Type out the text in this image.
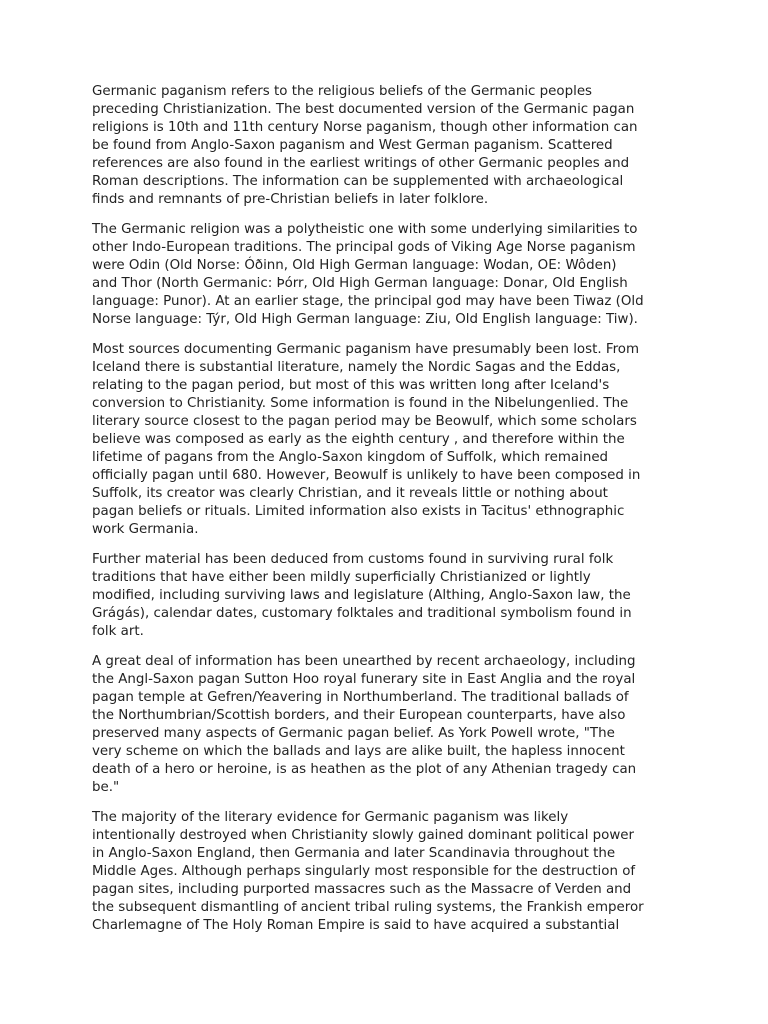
Germanic paganism refers to the religious beliefs of the Germanic peoples
preceding Christianization. The best documented version of the Germanic pagan
religions is 10th and 11th century Norse paganism, though other information can
be found from Anglo-Saxon paganism and West German paganism. Scattered
references are also found in the earliest writings of other Germanic peoples and
Roman descriptions. The information can be supplemented with archaeological
finds and remnants of pre-Christian beliefs in later folklore.

The Germanic religion was a polytheistic one with some underlying similarities to
other Indo-European traditions. The principal gods of Viking Age Norse paganism
were Odin (Old Norse: Óðinn, Old High German language: Wodan, OE: Wôden)
and Thor (North Germanic: Þórr, Old High German language: Donar, Old English
language: Punor). At an earlier stage, the principal god may have been Tiwaz (Old
Norse language: Týr, Old High German language: Ziu, Old English language: Tiw).

Most sources documenting Germanic paganism have presumably been lost. From
Iceland there is substantial literature, namely the Nordic Sagas and the Eddas,
relating to the pagan period, but most of this was written long after Iceland's
conversion to Christianity. Some information is found in the Nibelungenlied. The
literary source closest to the pagan period may be Beowulf, which some scholars
believe was composed as early as the eighth century , and therefore within the
lifetime of pagans from the Anglo-Saxon kingdom of Suffolk, which remained
officially pagan until 680. However, Beowulf is unlikely to have been composed in
Suffolk, its creator was clearly Christian, and it reveals little or nothing about
pagan beliefs or rituals. Limited information also exists in Tacitus' ethnographic
work Germania.

Further material has been deduced from customs found in surviving rural folk
traditions that have either been mildly superficially Christianized or lightly
modified, including surviving laws and legislature (Althing, Anglo-Saxon law, the
Grágás), calendar dates, customary folktales and traditional symbolism found in
folk art.

A great deal of information has been unearthed by recent archaeology, including
the Angl-Saxon pagan Sutton Hoo royal funerary site in East Anglia and the royal
pagan temple at Gefren/Yeavering in Northumberland. The traditional ballads of
the Northumbrian/Scottish borders, and their European counterparts, have also
preserved many aspects of Germanic pagan belief. As York Powell wrote, "The
very scheme on which the ballads and lays are alike built, the hapless innocent
death of a hero or heroine, is as heathen as the plot of any Athenian tragedy can
be."

The majority of the literary evidence for Germanic paganism was likely
intentionally destroyed when Christianity slowly gained dominant political power
in Anglo-Saxon England, then Germania and later Scandinavia throughout the
Middle Ages. Although perhaps singularly most responsible for the destruction of
pagan sites, including purported massacres such as the Massacre of Verden and
the subsequent dismantling of ancient tribal ruling systems, the Frankish emperor
Charlemagne of The Holy Roman Empire is said to have acquired a substantial
